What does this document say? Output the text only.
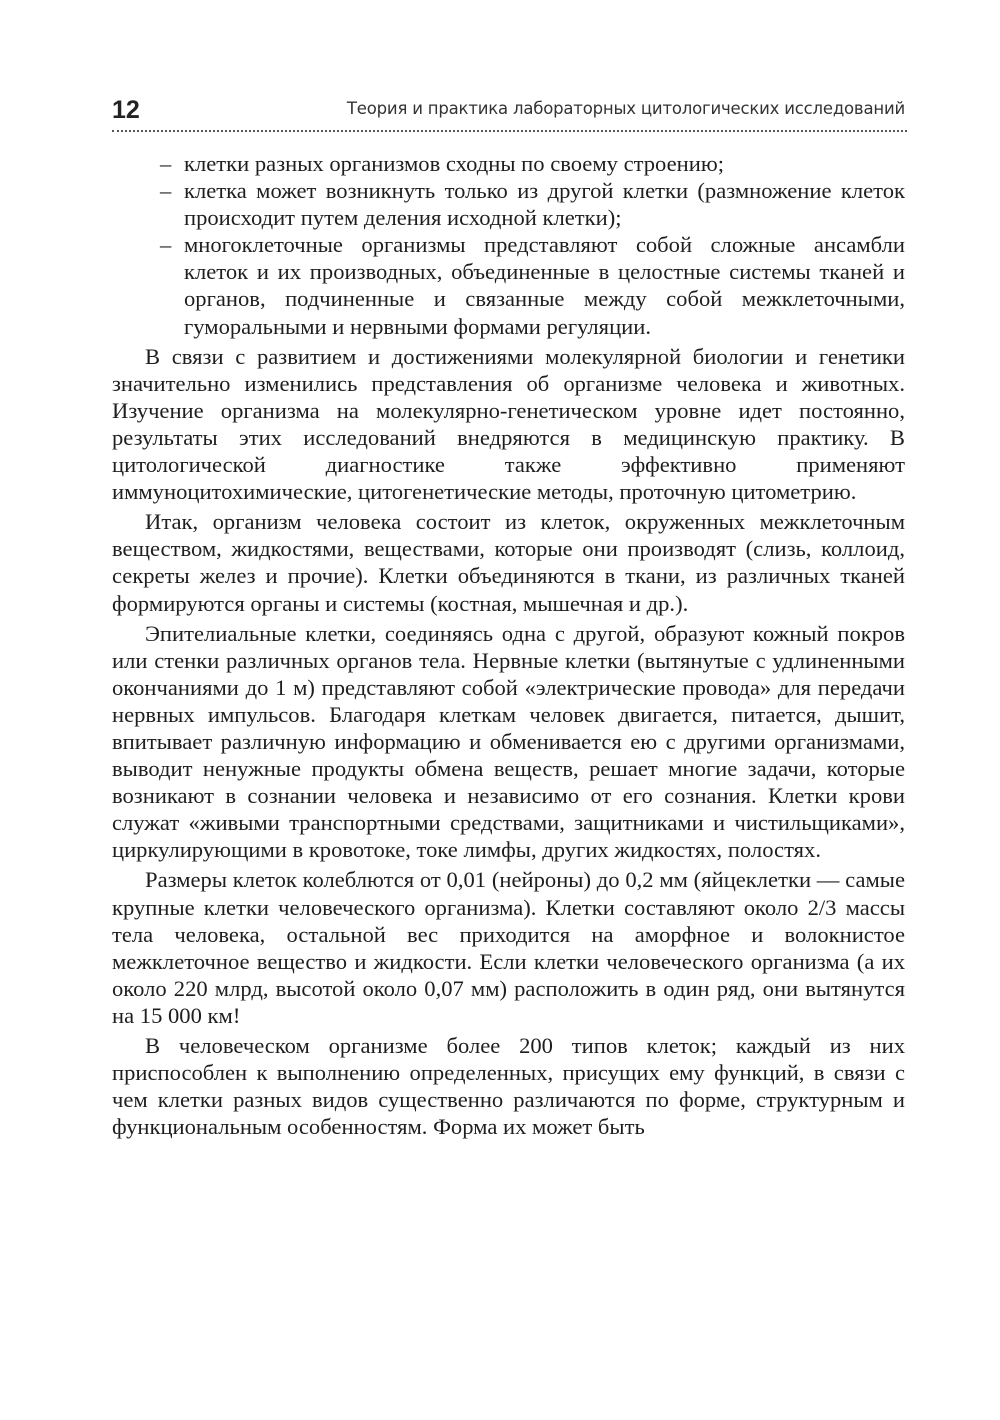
12	Теория и практика лабораторных цитологических исследований
– клетки разных организмов сходны по своему строению;
– клетка может возникнуть только из другой клетки (размножение клеток происходит путем деления исходной клетки);
– многоклеточные организмы представляют собой сложные ансамбли клеток и их производных, объединенные в целостные системы тканей и органов, подчиненные и связанные между собой межклеточными, гуморальными и нервными формами регуляции.

В связи с развитием и достижениями молекулярной биологии и генетики значительно изменились представления об организме человека и животных. Изучение организма на молекулярно-генетическом уровне идет постоянно, результаты этих исследований внедряются в медицинскую практику. В цитологической диагностике также эффективно применяют иммуноцитохимические, цитогенетические методы, проточную цитометрию.

Итак, организм человека состоит из клеток, окруженных межклеточным веществом, жидкостями, веществами, которые они производят (слизь, коллоид, секреты желез и прочие). Клетки объединяются в ткани, из различных тканей формируются органы и системы (костная, мышечная и др.).

Эпителиальные клетки, соединяясь одна с другой, образуют кожный покров или стенки различных органов тела. Нервные клетки (вытянутые с удлиненными окончаниями до 1 м) представляют собой «электрические провода» для передачи нервных импульсов. Благодаря клеткам человек двигается, питается, дышит, впитывает различную информацию и обменивается ею с другими организмами, выводит ненужные продукты обмена веществ, решает многие задачи, которые возникают в сознании человека и независимо от его сознания. Клетки крови служат «живыми транспортными средствами, защитниками и чистильщиками», циркулирующими в кровотоке, токе лимфы, других жидкостях, полостях.

Размеры клеток колеблются от 0,01 (нейроны) до 0,2 мм (яйцеклетки — самые крупные клетки человеческого организма). Клетки составляют около 2/3 массы тела человека, остальной вес приходится на аморфное и волокнистое межклеточное вещество и жидкости. Если клетки человеческого организма (а их около 220 млрд, высотой около 0,07 мм) расположить в один ряд, они вытянутся на 15 000 км!

В человеческом организме более 200 типов клеток; каждый из них приспособлен к выполнению определенных, присущих ему функций, в связи с чем клетки разных видов существенно различаются по форме, структурным и функциональным особенностям. Форма их может быть
